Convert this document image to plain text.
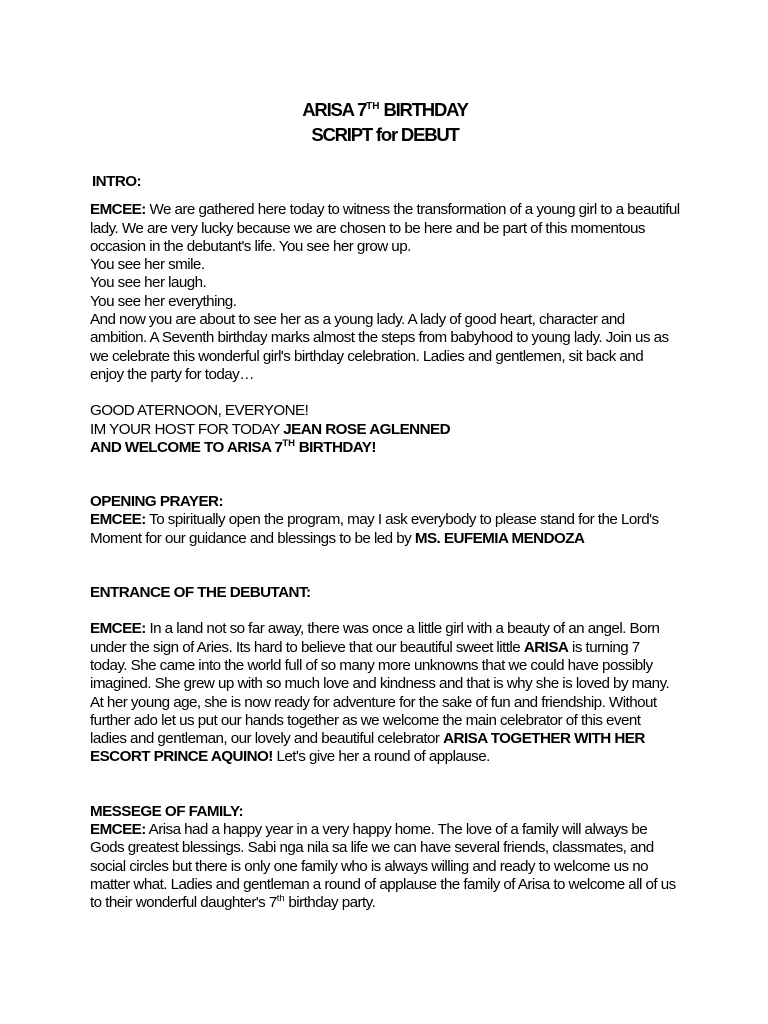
ARISA 7TH BIRTHDAY
SCRIPT for DEBUT
INTRO:

EMCEE: We are gathered here today to witness the transformation of a young girl to a beautiful lady. We are very lucky because we are chosen to be here and be part of this momentous occasion in the debutant's life. You see her grow up.
You see her smile.
You see her laugh.
You see her everything.
And now you are about to see her as a young lady. A lady of good heart, character and ambition. A Seventh birthday marks almost the steps from babyhood to young lady. Join us as we celebrate this wonderful girl's birthday celebration. Ladies and gentlemen, sit back and enjoy the party for today…

GOOD ATERNOON, EVERYONE!
IM YOUR HOST FOR TODAY JEAN ROSE AGLENNED
AND WELCOME TO ARISA 7TH BIRTHDAY!

OPENING PRAYER:
EMCEE: To spiritually open the program, may I ask everybody to please stand for the Lord's Moment for our guidance and blessings to be led by MS. EUFEMIA MENDOZA

ENTRANCE OF THE DEBUTANT:

EMCEE: In a land not so far away, there was once a little girl with a beauty of an angel. Born under the sign of Aries. Its hard to believe that our beautiful sweet little ARISA is turning 7 today. She came into the world full of so many more unknowns that we could have possibly imagined. She grew up with so much love and kindness and that is why she is loved by many. At her young age, she is now ready for adventure for the sake of fun and friendship. Without further ado let us put our hands together as we welcome the main celebrator of this event ladies and gentleman, our lovely and beautiful celebrator ARISA TOGETHER WITH HER ESCORT PRINCE AQUINO! Let's give her a round of applause.

MESSEGE OF FAMILY:
EMCEE: Arisa had a happy year in a very happy home. The love of a family will always be Gods greatest blessings. Sabi nga nila sa life we can have several friends, classmates, and social circles but there is only one family who is always willing and ready to welcome us no matter what. Ladies and gentleman a round of applause the family of Arisa to welcome all of us to their wonderful daughter's 7th birthday party.
